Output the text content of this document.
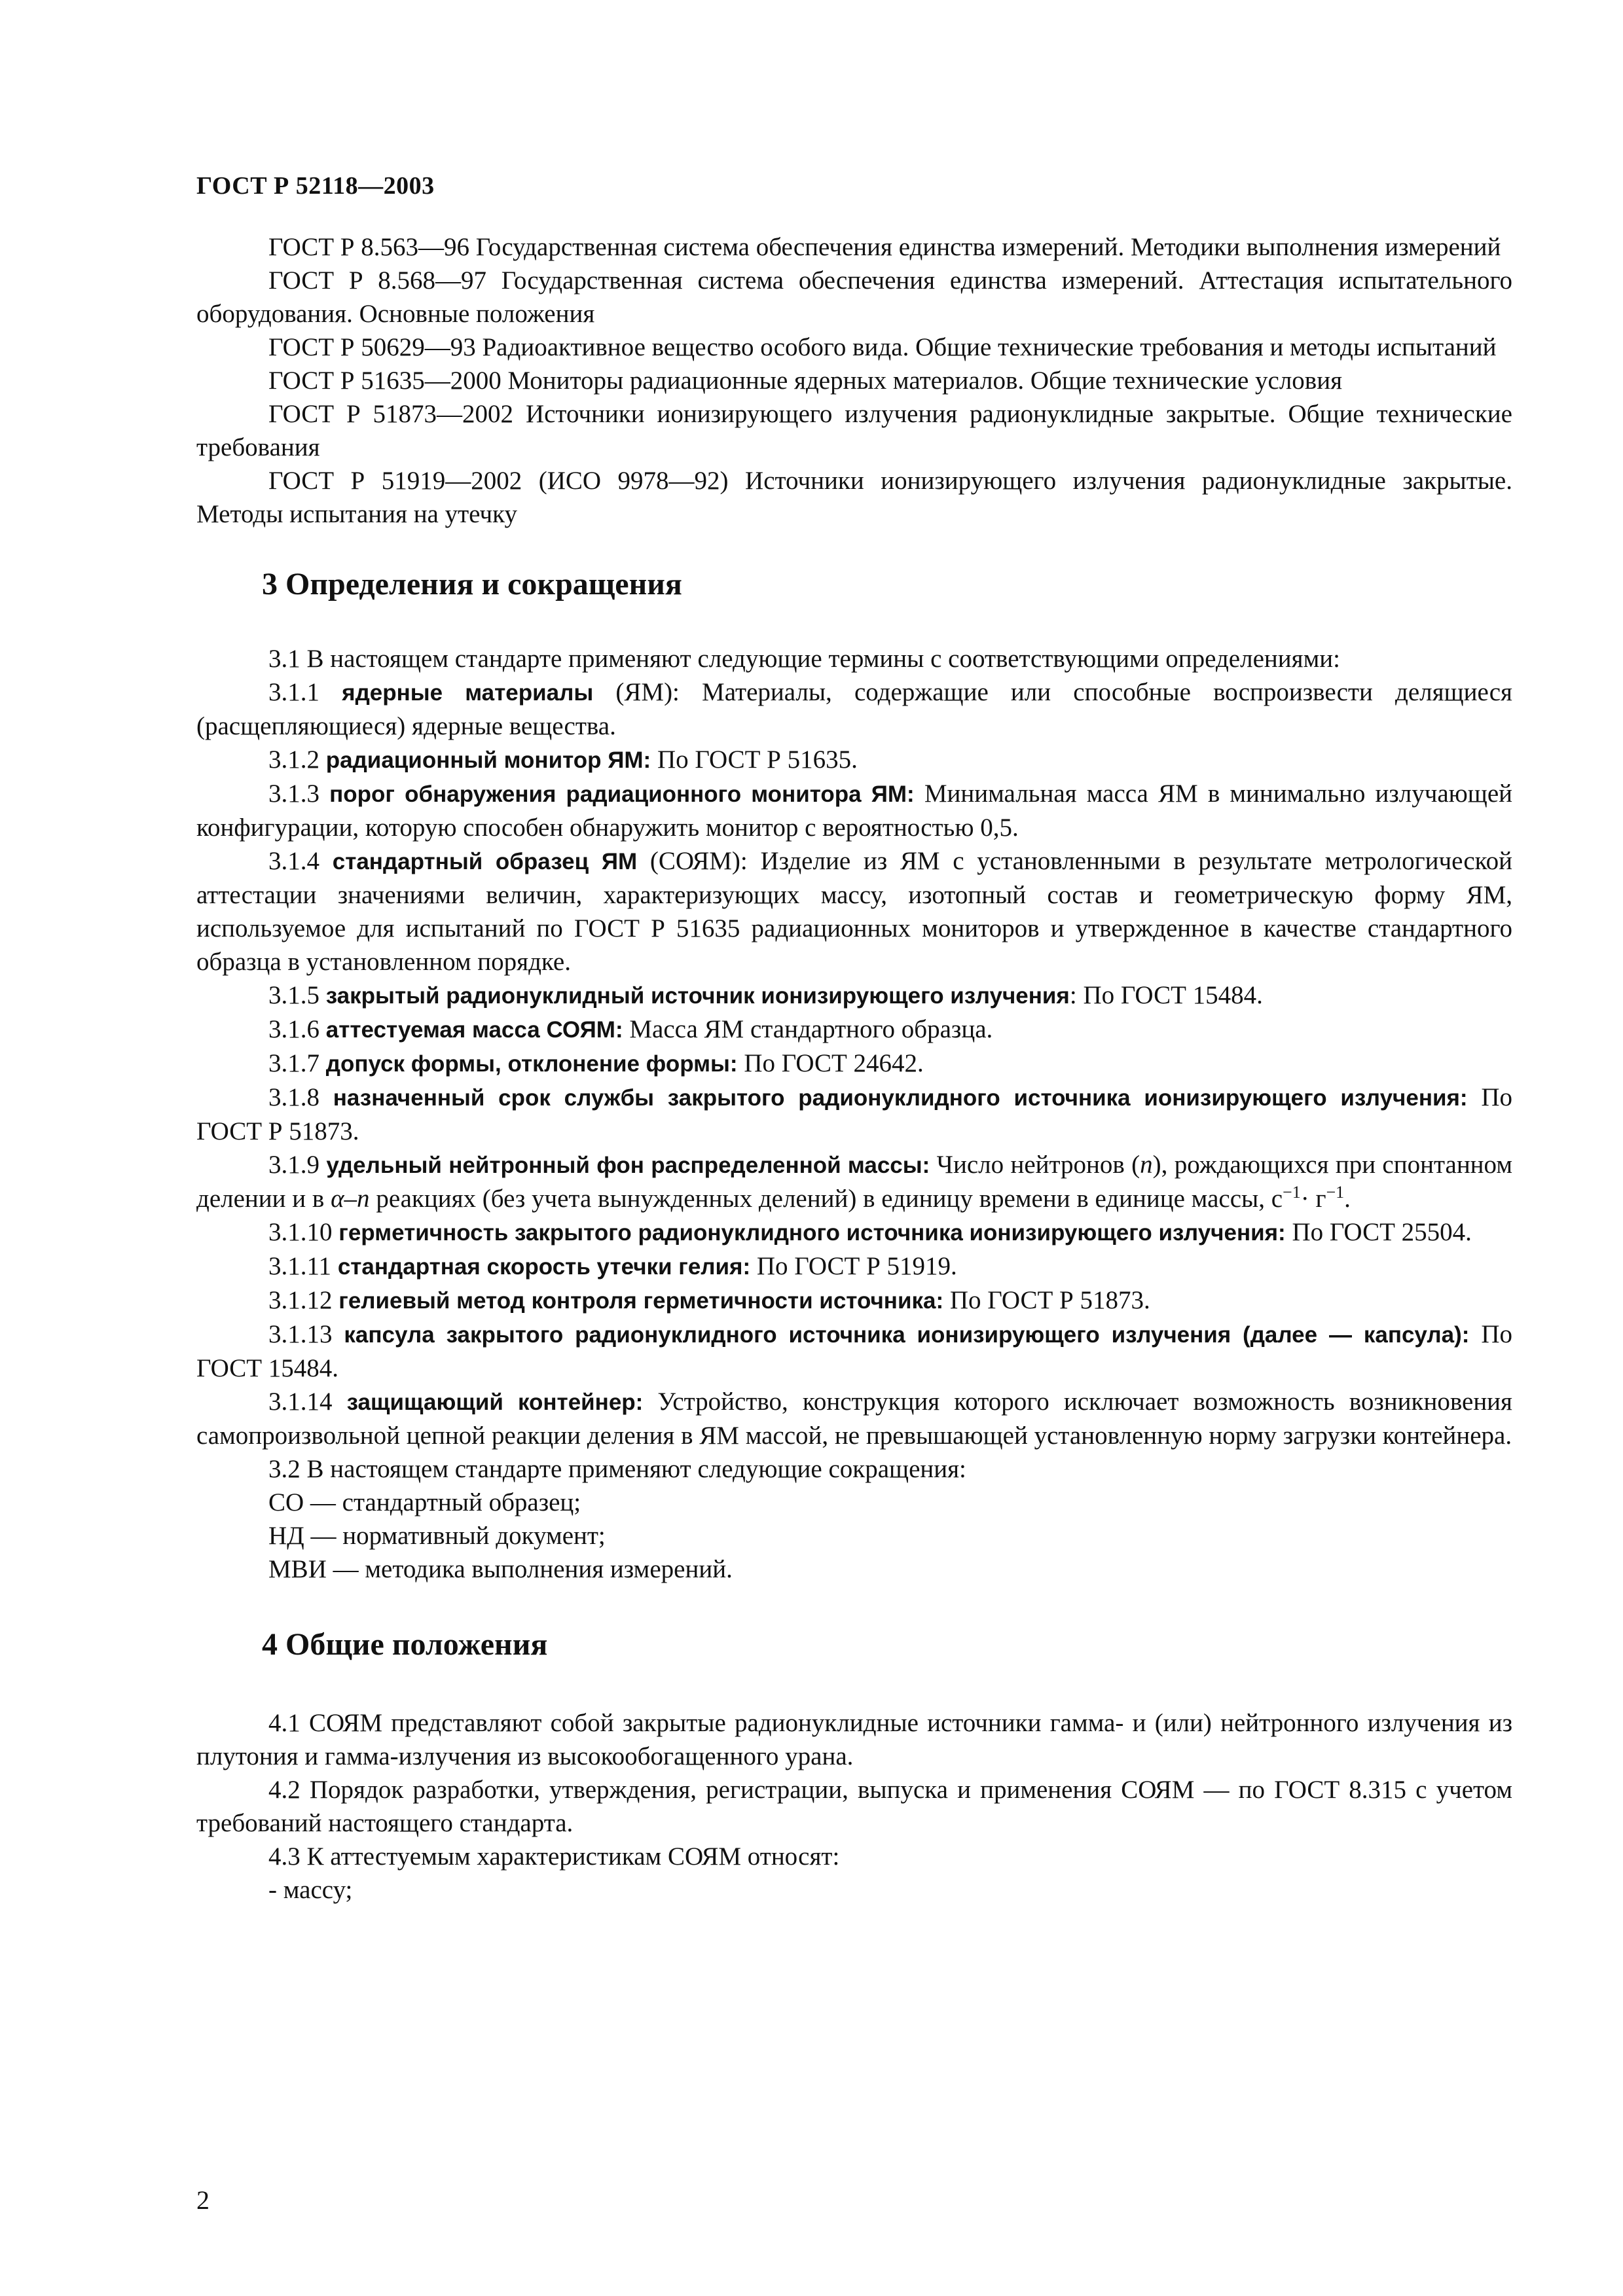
ГОСТ Р 52118—2003

ГОСТ Р 8.563—96 Государственная система обеспечения единства измерений. Методики выполнения измерений

ГОСТ Р 8.568—97 Государственная система обеспечения единства измерений. Аттестация испытательного оборудования. Основные положения

ГОСТ Р 50629—93 Радиоактивное вещество особого вида. Общие технические требования и методы испытаний

ГОСТ Р 51635—2000 Мониторы радиационные ядерных материалов. Общие технические условия

ГОСТ Р 51873—2002 Источники ионизирующего излучения радионуклидные закрытые. Общие технические требования

ГОСТ Р 51919—2002 (ИСО 9978—92) Источники ионизирующего излучения радионуклидные закрытые. Методы испытания на утечку

3 Определения и сокращения

3.1 В настоящем стандарте применяют следующие термины с соответствующими определениями:

3.1.1 ядерные материалы (ЯМ): Материалы, содержащие или способные воспроизвести делящиеся (расщепляющиеся) ядерные вещества.

3.1.2 радиационный монитор ЯМ: По ГОСТ Р 51635.

3.1.3 порог обнаружения радиационного монитора ЯМ: Минимальная масса ЯМ в минимально излучающей конфигурации, которую способен обнаружить монитор с вероятностью 0,5.

3.1.4 стандартный образец ЯМ (СОЯМ): Изделие из ЯМ с установленными в результате метрологической аттестации значениями величин, характеризующих массу, изотопный состав и геометрическую форму ЯМ, используемое для испытаний по ГОСТ Р 51635 радиационных мониторов и утвержденное в качестве стандартного образца в установленном порядке.

3.1.5 закрытый радионуклидный источник ионизирующего излучения: По ГОСТ 15484.

3.1.6 аттестуемая масса СОЯМ: Масса ЯМ стандартного образца.

3.1.7 допуск формы, отклонение формы: По ГОСТ 24642.

3.1.8 назначенный срок службы закрытого радионуклидного источника ионизирующего излучения: По ГОСТ Р 51873.

3.1.9 удельный нейтронный фон распределенной массы: Число нейтронов (n), рождающихся при спонтанном делении и в α–n реакциях (без учета вынужденных делений) в единицу времени в единице массы, $с^{-1}\cdot г^{-1}$.

3.1.10 герметичность закрытого радионуклидного источника ионизирующего излучения: По ГОСТ 25504.

3.1.11 стандартная скорость утечки гелия: По ГОСТ Р 51919.

3.1.12 гелиевый метод контроля герметичности источника: По ГОСТ Р 51873.

3.1.13 капсула закрытого радионуклидного источника ионизирующего излучения (далее — капсула): По ГОСТ 15484.

3.1.14 защищающий контейнер: Устройство, конструкция которого исключает возможность возникновения самопроизвольной цепной реакции деления в ЯМ массой, не превышающей установленную норму загрузки контейнера.

3.2 В настоящем стандарте применяют следующие сокращения:

СО — стандартный образец;

НД — нормативный документ;

МВИ — методика выполнения измерений.

4 Общие положения

4.1 СОЯМ представляют собой закрытые радионуклидные источники гамма- и (или) нейтронного излучения из плутония и гамма-излучения из высокообогащенного урана.

4.2 Порядок разработки, утверждения, регистрации, выпуска и применения СОЯМ — по ГОСТ 8.315 с учетом требований настоящего стандарта.

4.3 К аттестуемым характеристикам СОЯМ относят:

- массу;

2
